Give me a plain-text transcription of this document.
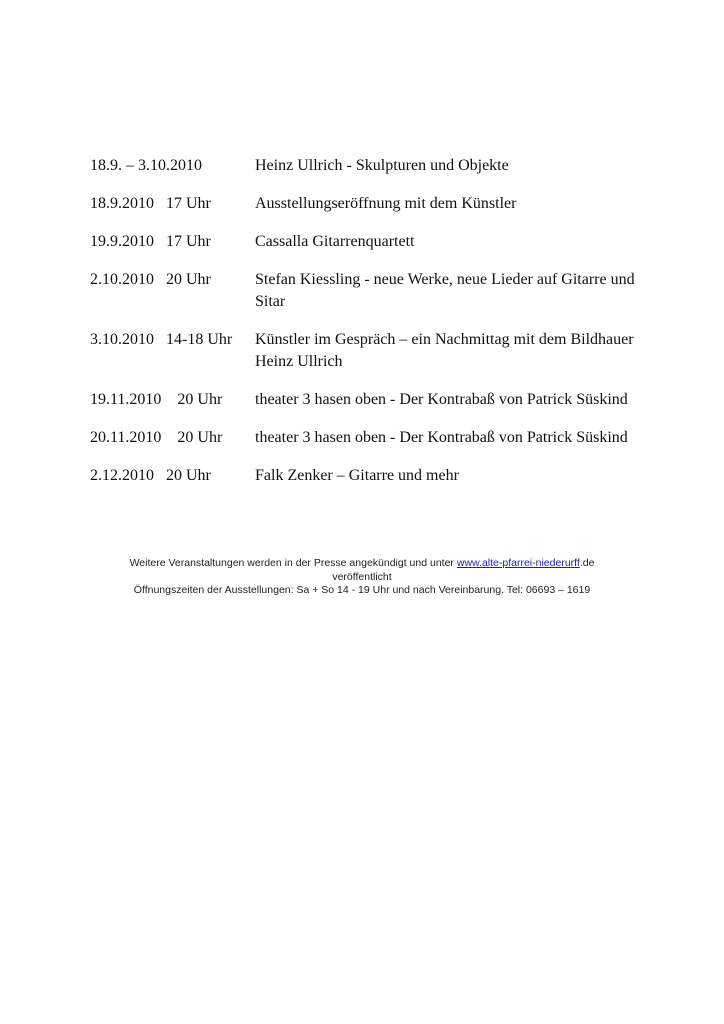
18.9. – 3.10.2010	Heinz Ullrich - Skulpturen und Objekte
18.9.2010   17 Uhr	Ausstellungseröffnung mit dem Künstler
19.9.2010   17 Uhr	Cassalla Gitarrenquartett
2.10.2010   20 Uhr	Stefan Kiessling - neue Werke, neue Lieder auf Gitarre und Sitar
3.10.2010   14-18 Uhr Künstler im Gespräch – ein Nachmittag mit dem Bildhauer Heinz Ullrich
19.11.2010    20 Uhr theater 3 hasen oben - Der Kontrabaß von Patrick Süskind
20.11.2010    20 Uhr theater 3 hasen oben - Der Kontrabaß von Patrick Süskind
2.12.2010   20 Uhr	Falk Zenker – Gitarre und mehr
Weitere Veranstaltungen werden in der Presse angekündigt und unter www.alte-pfarrei-niederurff.de
veröffentlicht
Öffnungszeiten der Ausstellungen: Sa + So 14 - 19 Uhr und nach Vereinbarung, Tel: 06693 – 1619
